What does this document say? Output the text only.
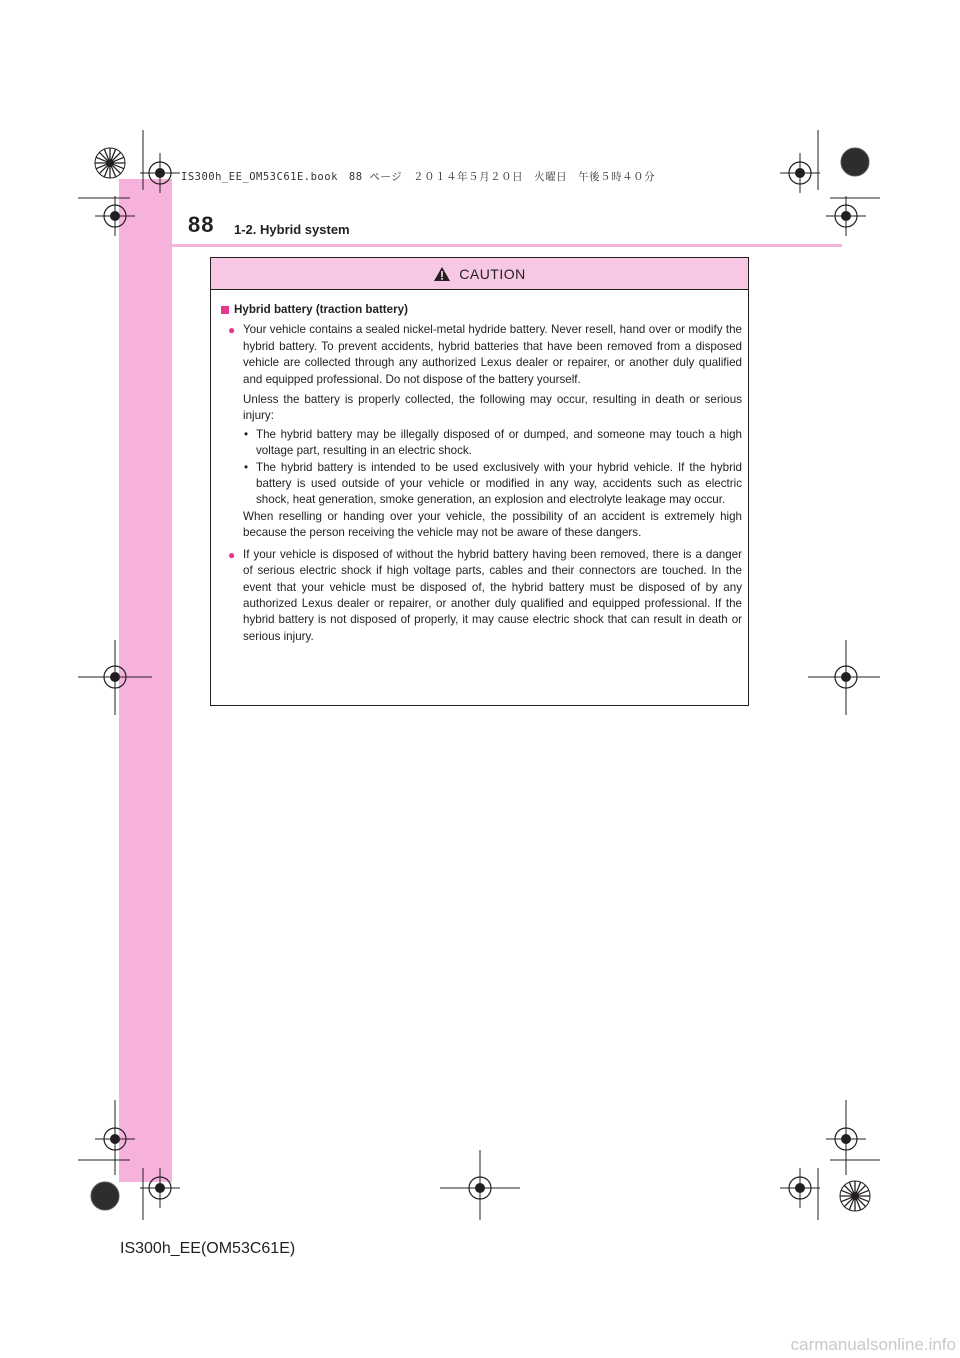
IS300h_EE_OM53C61E.book　88 ページ　２０１４年５月２０日　火曜日　午後５時４０分
88 1-2. Hybrid system
CAUTION
Hybrid battery (traction battery)
● Your vehicle contains a sealed nickel-metal hydride battery. Never resell, hand over or modify the hybrid battery. To prevent accidents, hybrid batteries that have been removed from a disposed vehicle are collected through any authorized Lexus dealer or repairer, or another duly qualified and equipped professional. Do not dispose of the battery yourself.

Unless the battery is properly collected, the following may occur, resulting in death or serious injury:

• The hybrid battery may be illegally disposed of or dumped, and someone may touch a high voltage part, resulting in an electric shock.
• The hybrid battery is intended to be used exclusively with your hybrid vehicle. If the hybrid battery is used outside of your vehicle or modified in any way, accidents such as electric shock, heat generation, smoke generation, an explosion and electrolyte leakage may occur.

When reselling or handing over your vehicle, the possibility of an accident is extremely high because the person receiving the vehicle may not be aware of these dangers.

● If your vehicle is disposed of without the hybrid battery having been removed, there is a danger of serious electric shock if high voltage parts, cables and their connectors are touched. In the event that your vehicle must be disposed of, the hybrid battery must be disposed of by any authorized Lexus dealer or repairer, or another duly qualified and equipped professional. If the hybrid battery is not disposed of properly, it may cause electric shock that can result in death or serious injury.

IS300h_EE(OM53C61E)
carmanualsonline.info
